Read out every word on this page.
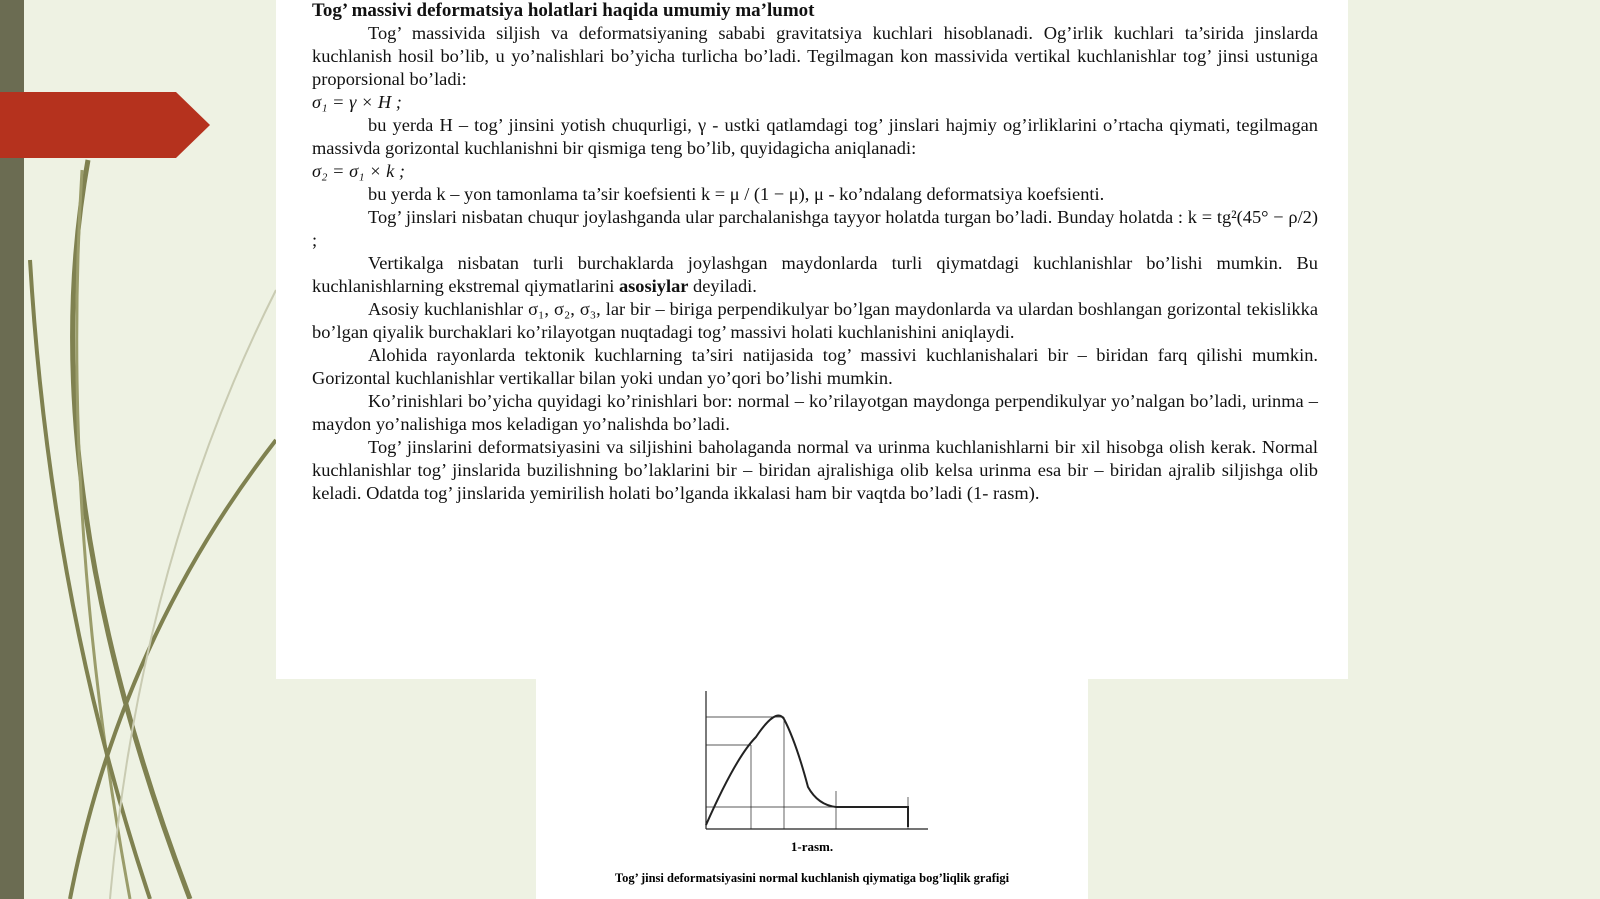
Tog’ massivi deformatsiya holatlari haqida umumiy ma’lumot

Tog’ massivida siljish va deformatsiyaning sababi gravitatsiya kuchlari hisoblanadi. Og’irlik kuchlari ta’sirida jinslarda kuchlanish hosil bo’lib, u yo’nalishlari bo’yicha turlicha bo’ladi. Tegilmagan kon massivida vertikal kuchlanishlar tog’ jinsi ustuniga proporsional bo’ladi:

σ₁ = γ × H ;

bu yerda H – tog’ jinsini yotish chuqurligi, γ - ustki qatlamdagi tog’ jinslari hajmiy og’irliklarini o’rtacha qiymati, tegilmagan massivda gorizontal kuchlanishni bir qismiga teng bo’lib, quyidagicha aniqlanadi:

σ₂ = σ₁ × k ;

bu yerda k – yon tamonlama ta’sir koefsienti k = μ / (1 − μ), μ - ko’ndalang deformatsiya koefsienti.

Tog’ jinslari nisbatan chuqur joylashganda ular parchalanishga tayyor holatda turgan bo’ladi. Bunday holatda : k = tg²(45° − ρ/2) ;

Vertikalga nisbatan turli burchaklarda joylashgan maydonlarda turli qiymatdagi kuchlanishlar bo’lishi mumkin. Bu kuchlanishlarning ekstremal qiymatlarini asosiylar deyiladi.

Asosiy kuchlanishlar σ₁, σ₂, σ₃, lar bir – biriga perpendikulyar bo’lgan maydonlarda va ulardan boshlangan gorizontal tekislikka bo’lgan qiyalik burchaklari ko’rilayotgan nuqtadagi tog’ massivi holati kuchlanishini aniqlaydi.

Alohida rayonlarda tektonik kuchlarning ta’siri natijasida tog’ massivi kuchlanishalari bir – biridan farq qilishi mumkin. Gorizontal kuchlanishlar vertikallar bilan yoki undan yo’qori bo’lishi mumkin.

Ko’rinishlari bo’yicha quyidagi ko’rinishlari bor: normal – ko’rilayotgan maydonga perpendikulyar yo’nalgan bo’ladi, urinma – maydon yo’nalishiga mos keladigan yo’nalishda bo’ladi.

Tog’ jinslarini deformatsiyasini va siljishini baholaganda normal va urinma kuchlanishlarni bir xil hisobga olish kerak. Normal kuchlanishlar tog’ jinslarida buzilishning bo’laklarini bir – biridan ajralishiga olib kelsa urinma esa bir – biridan ajralib siljishga olib keladi. Odatda tog’ jinslarida yemirilish holati bo’lganda ikkalasi ham bir vaqtda bo’ladi (1- rasm).

1-rasm.
Tog’ jinsi deformatsiyasini normal kuchlanish qiymatiga bog’liqlik grafigi
